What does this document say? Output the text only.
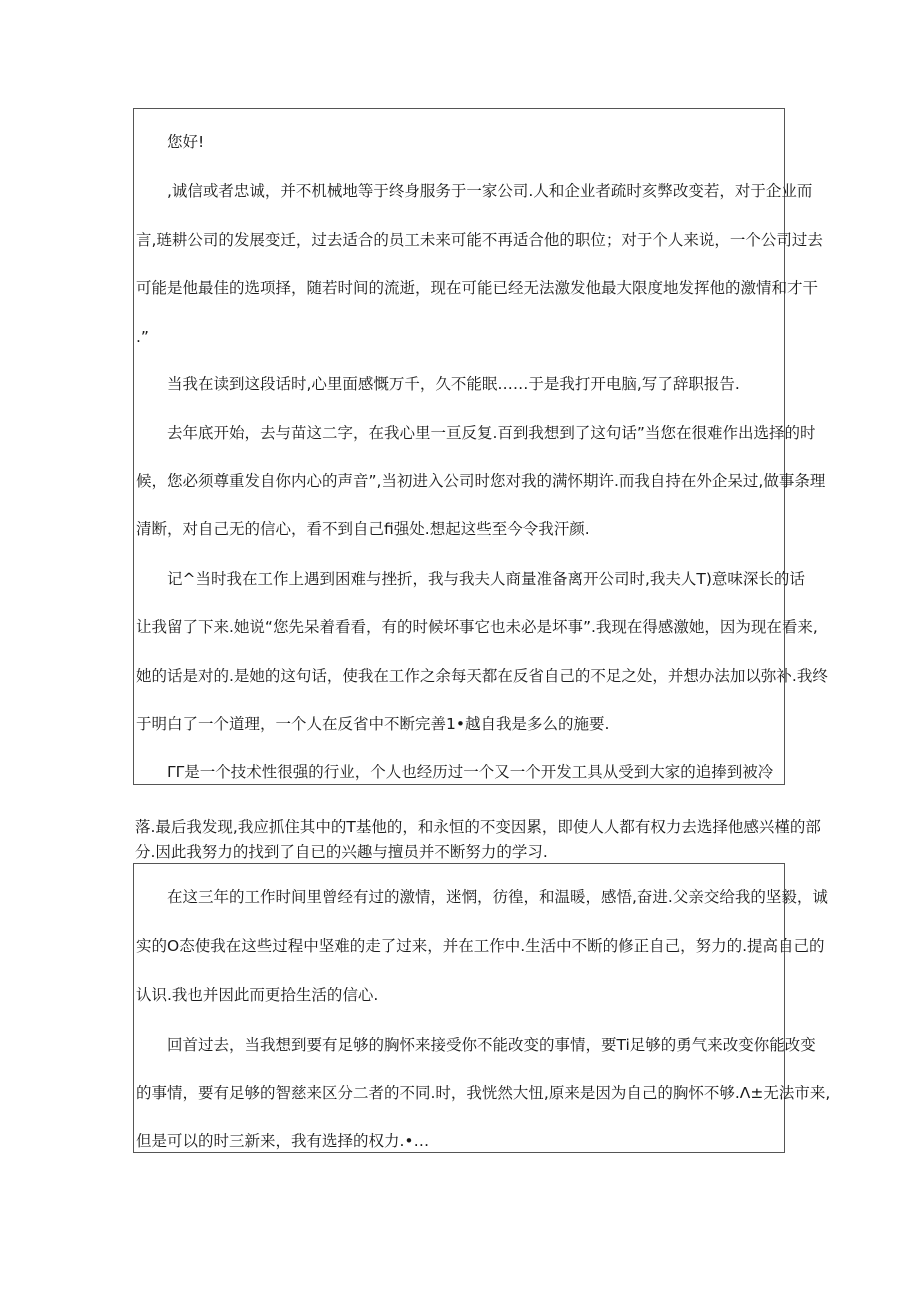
您好!

,诚信或者忠诚，并不机械地等于终身服务于一家公司.人和企业者疏时亥弊改变若，对于企业而

言,琏耕公司的发展变迁，过去适合的员工未来可能不再适合他的职位；对于个人来说，一个公司过去

可能是他最佳的选项择，随若时间的流逝，现在可能已经无法激发他最大限度地发挥他的激情和才干

.”

当我在读到这段话时,心里面感慨万千，久不能眠……于是我打开电脑,写了辞职报告.

去年底开始，去与苗这二字，在我心里一亘反复.百到我想到了这句话”当您在很难作出选择的时

候，您必须尊重发自你内心的声音”,当初进入公司时您对我的满怀期许.而我自持在外企呆过,做事条理

清断，对自己无的信心，看不到自己fi强处.想起这些至今令我汗颜.

记^当时我在工作上遇到困难与挫折，我与我夫人商量准备离开公司时,我夫人T)意味深长的话

让我留了下来.她说“您先呆着看看，有的时候坏事它也未必是坏事”.我现在得感激她，因为现在看来,

她的话是对的.是她的这句话，使我在工作之余每天都在反省自己的不足之处，并想办法加以弥补.我终

于明白了一个道理，一个人在反省中不断完善1•越自我是多么的施要.

ΓΓ是一个技术性很强的行业，个人也经历过一个又一个开发工具从受到大家的追捧到被冷

落.最后我发现,我应抓住其中的T基他的，和永恒的不变因累，即使人人都有权力去选择他感兴槿的部

分.因此我努力的找到了自已的兴趣与擅员并不断努力的学习.

在这三年的工作时间里曾经有过的激情，迷惘，彷徨，和温暖，感悟,奋进.父亲交给我的坚毅，诚

实的O态使我在这些过程中坚难的走了过来，并在工作中.生活中不断的修正自己，努力的.提高自己的

认识.我也并因此而更拾生活的信心.

回首过去，当我想到要有足够的胸怀来接受你不能改变的事情，要Ti足够的勇气来改变你能改变

的事情，要有足够的智慈来区分二者的不同.时，我恍然大忸,原来是因为自己的胸怀不够.Λ±无法市来,

但是可以的时三新来，我有选择的权力.•…
